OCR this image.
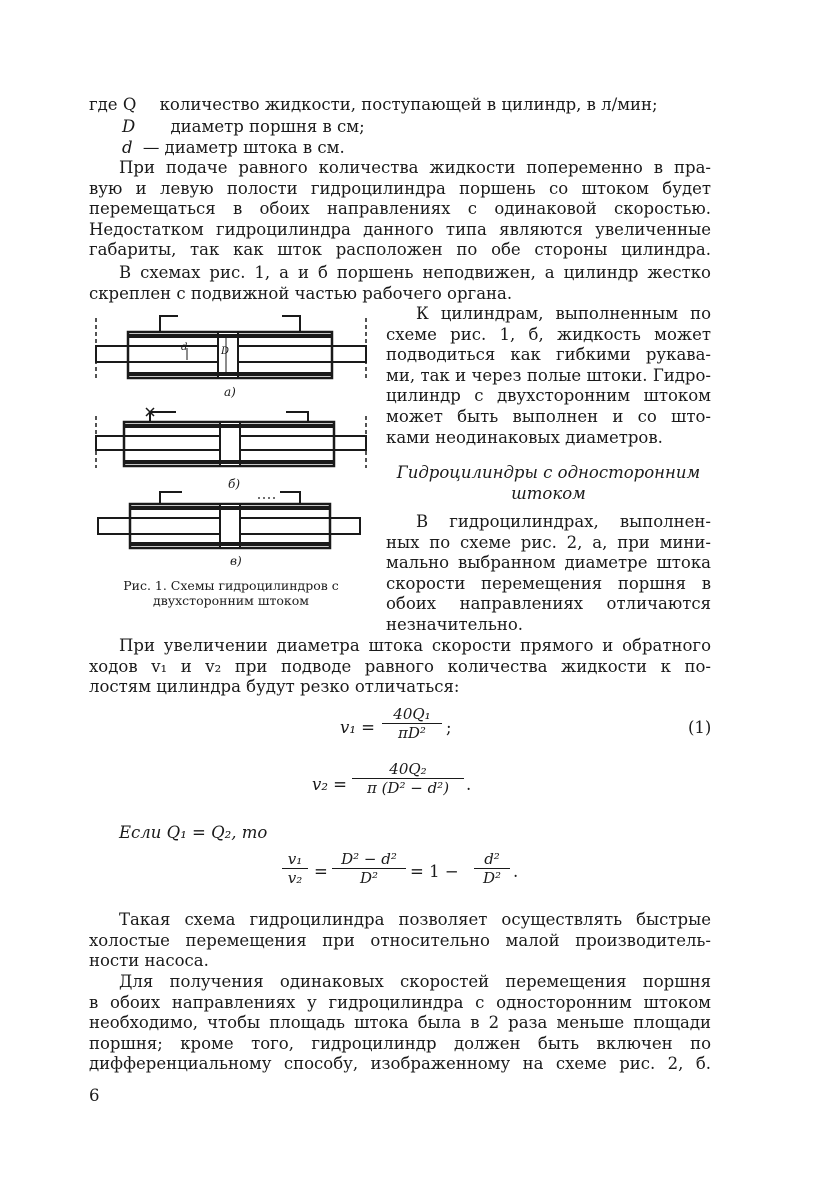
где Q количество жидкости, поступающей в цилиндр, в л/мин;
D диаметр поршня в см;
d — диаметр штока в см.
При подаче равного количества жидкости попеременно в пра-
вую и левую полости гидроцилиндра поршень со штоком будет
перемещаться в обоих направлениях с одинаковой скоростью.
Недостатком гидроцилиндра данного типа являются увеличенные
габариты, так как шток расположен по обе стороны цилиндра.
В схемах рис. 1, а и б поршень неподвижен, а цилиндр жестко
скреплен с подвижной частью рабочего органа.
d	D
а)
б)
в)
Рис. 1. Схемы гидроцилиндров с
двухсторонним штоком
К цилиндрам, выполненным по
схеме рис. 1, б, жидкость может
подводиться как гибкими рукава-
ми, так и через полые штоки. Гидро-
цилиндр с двухсторонним штоком
может быть выполнен и со што-
ками неодинаковых диаметров.
Гидроцилиндры с односторонним
штоком
В гидроцилиндрах, выполнен-
ных по схеме рис. 2, а, при мини-
мально выбранном диаметре штока
скорости перемещения поршня в
обоих направлениях отличаются
незначительно.
При увеличении диаметра штока скорости прямого и обратного
ходов v₁ и v₂ при подводе равного количества жидкости к по-
лостям цилиндра будут резко отличаться:
$v_1 = \frac{\text{40Q₁}}{\text{πD²}}$ ;	(1)
$v_2 = \frac{\text{40Q₂}}{\text{π (D² − d²)}}$ .
Если Q₁ = Q₂, то
$\frac{\text{v₁}}{\text{v₂}} = \frac{\text{D² − d²}}{\text{D²}} = 1 - \frac{\text{d²}}{\text{D²}}$ .
Такая схема гидроцилиндра позволяет осуществлять быстрые
холостые перемещения при относительно малой производитель-
ности насоса.
Для получения одинаковых скоростей перемещения поршня
в обоих направлениях у гидроцилиндра с односторонним штоком
необходимо, чтобы площадь штока была в 2 раза меньше площади
поршня; кроме того, гидроцилиндр должен быть включен по
дифференциальному способу, изображенному на схеме рис. 2, б.
6
